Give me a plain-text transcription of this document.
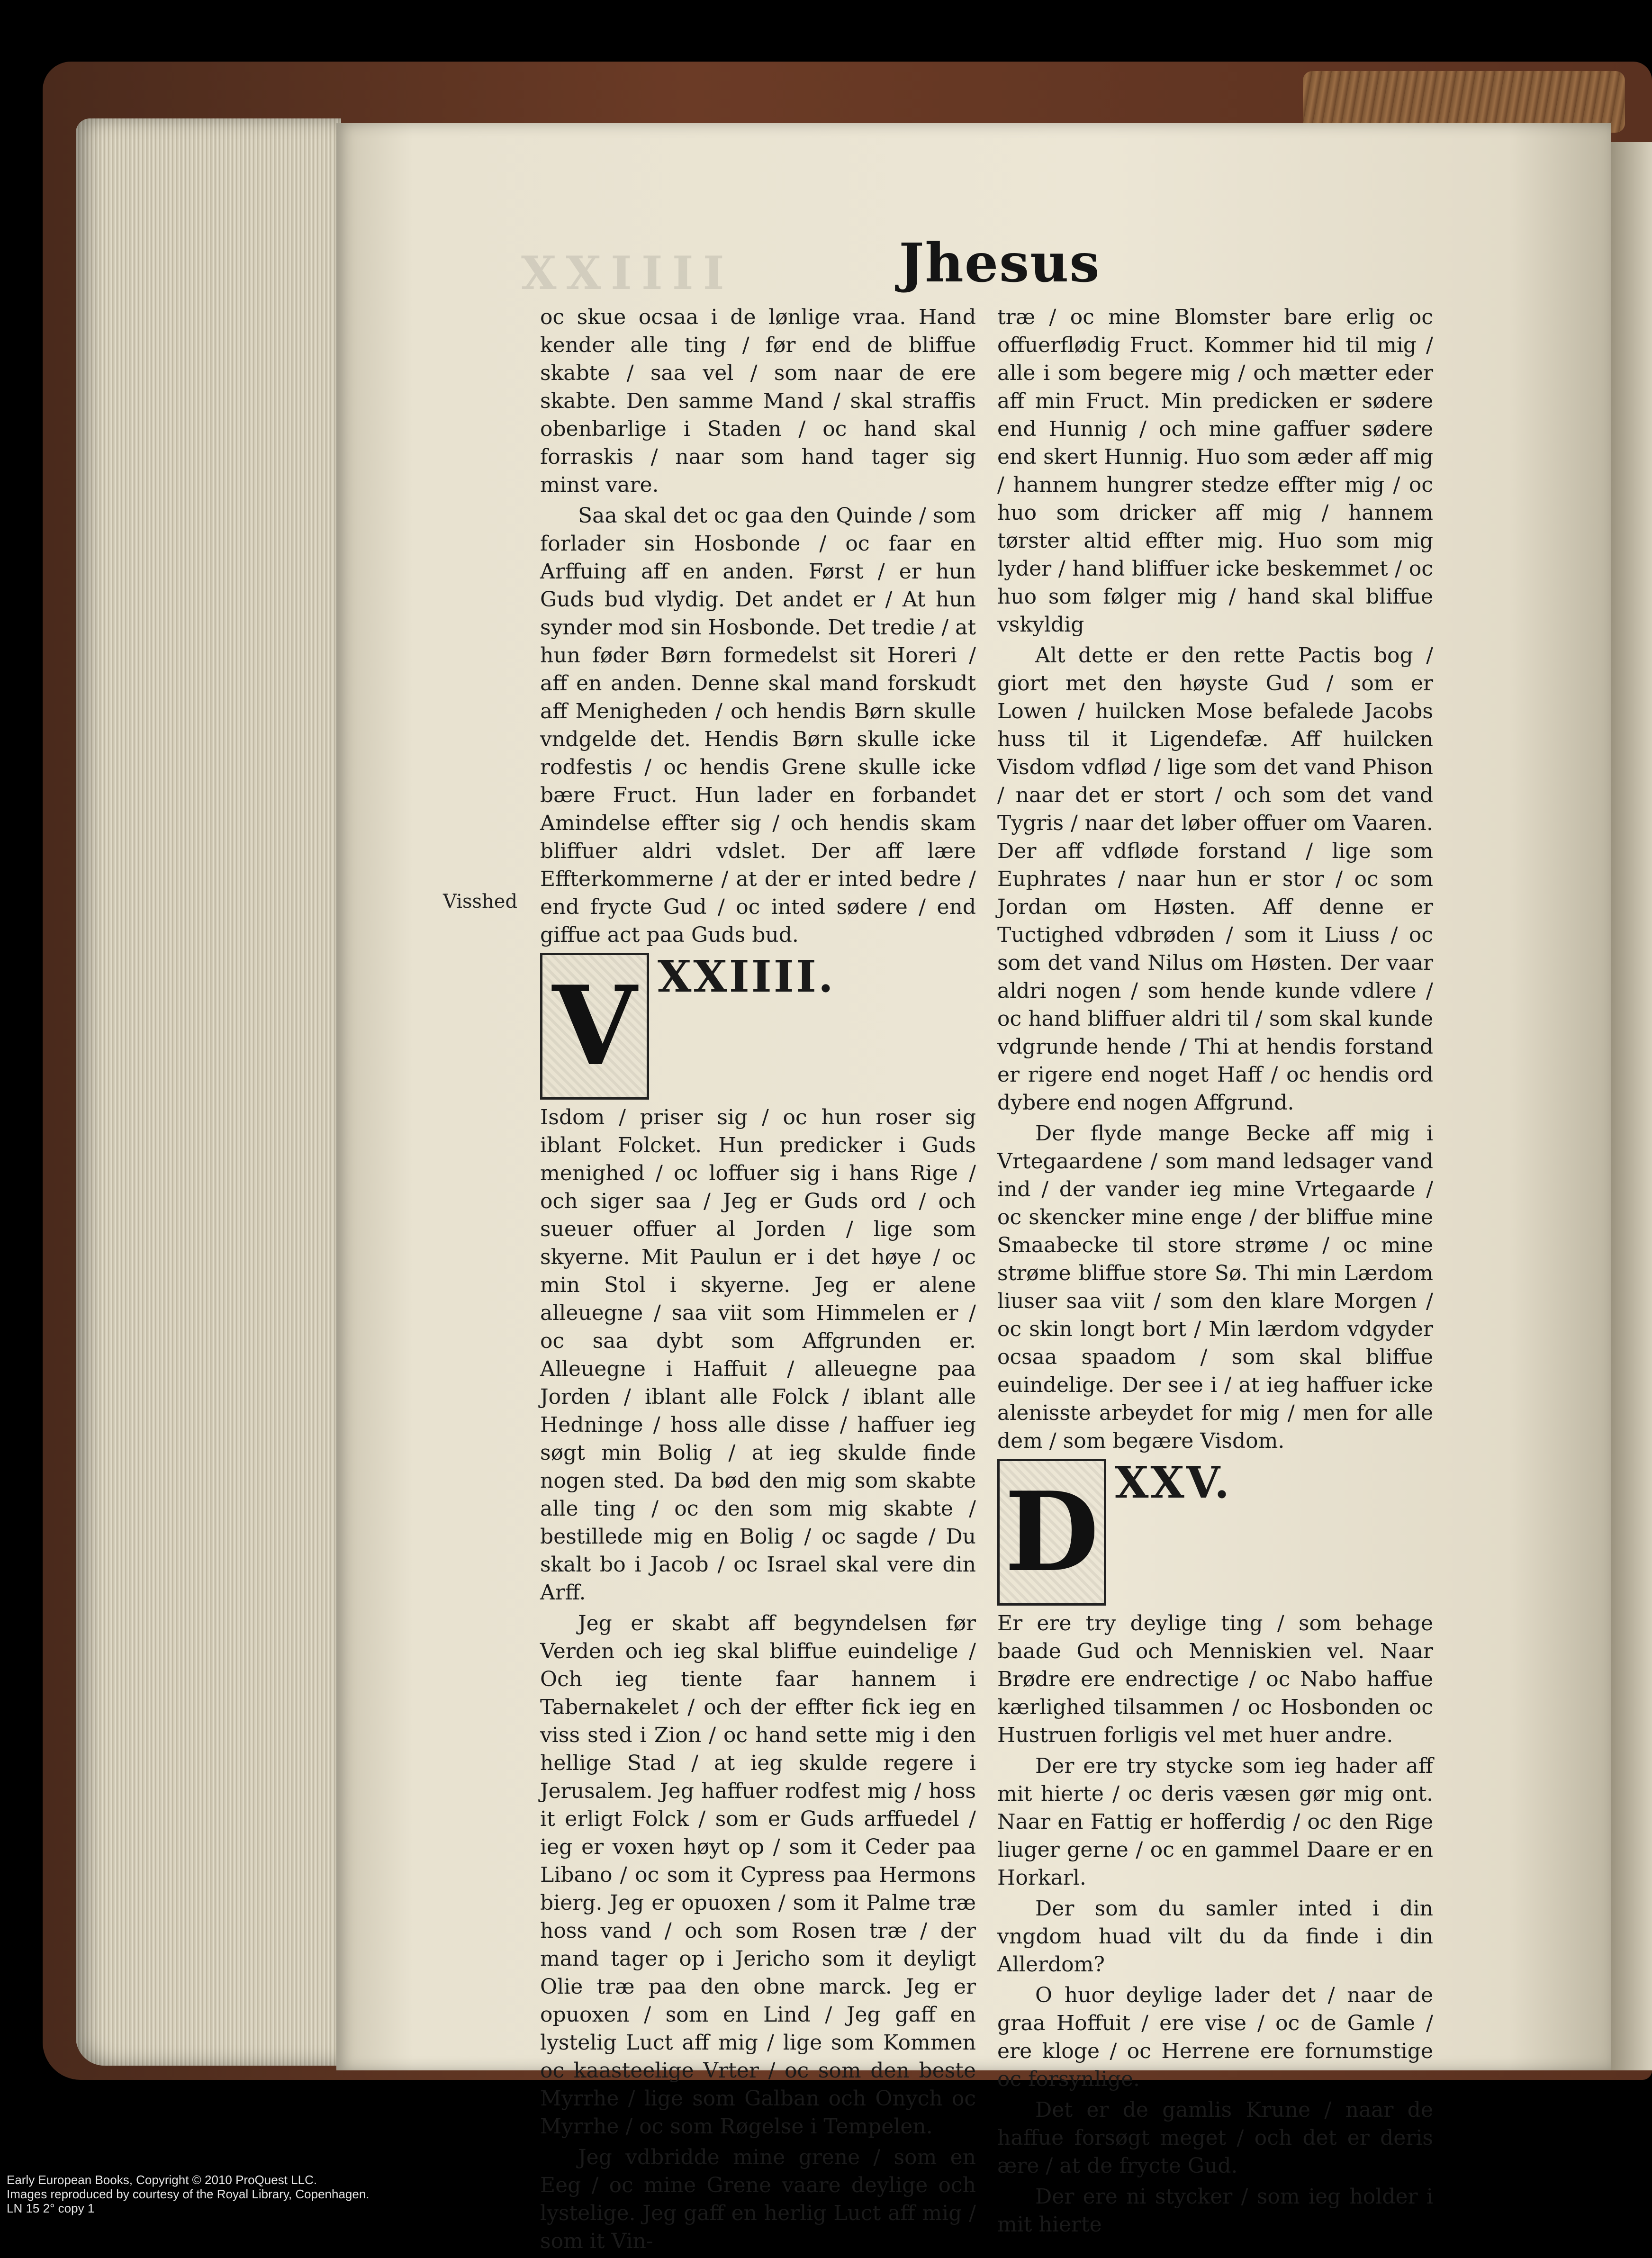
XXIIII	Jhesus
Visshed

oc skue ocsaa i de lønlige vraa. Hand kender alle ting / før end de bliffue skabte / saa vel / som naar de ere skabte. Den samme Mand / skal straffis obenbarlige i Staden / oc hand skal forraskis / naar som hand tager sig minst vare.

Saa skal det oc gaa den Quinde / som forlader sin Hosbonde / oc faar en Arffuing aff en anden. Først / er hun Guds bud vlydig. Det andet er / At hun synder mod sin Hosbonde. Det tredie / at hun føder Børn formedelst sit Horeri / aff en anden. Denne skal mand forskudt aff Menigheden / och hendis Børn skulle vndgelde det. Hendis Børn skulle icke rodfestis / oc hendis Grene skulle icke bære Fruct. Hun lader en forbandet Amindelse effter sig / och hendis skam bliffuer aldri vdslet. Der aff lære Effterkommerne / at der er inted bedre / end frycte Gud / oc inted sødere / end giffue act paa Guds bud.

V XXIIII.

Isdom / priser sig / oc hun roser sig iblant Folcket. Hun predicker i Guds menighed / oc loffuer sig i hans Rige / och siger saa / Jeg er Guds ord / och sueuer offuer al Jorden / lige som skyerne. Mit Paulun er i det høye / oc min Stol i skyerne. Jeg er alene alleuegne / saa viit som Himmelen er / oc saa dybt som Affgrunden er. Alleuegne i Haffuit / alleuegne paa Jorden / iblant alle Folck / iblant alle Hedninge / hoss alle disse / haffuer ieg søgt min Bolig / at ieg skulde finde nogen sted. Da bød den mig som skabte alle ting / oc den som mig skabte / bestillede mig en Bolig / oc sagde / Du skalt bo i Jacob / oc Israel skal vere din Arff.

Jeg er skabt aff begyndelsen før Verden och ieg skal bliffue euindelige / Och ieg tiente faar hannem i Tabernakelet / och der effter fick ieg en viss sted i Zion / oc hand sette mig i den hellige Stad / at ieg skulde regere i Jerusalem. Jeg haffuer rodfest mig / hoss it erligt Folck / som er Guds arffuedel / ieg er voxen høyt op / som it Ceder paa Libano / oc som it Cypress paa Hermons bierg. Jeg er opuoxen / som it Palme træ hoss vand / och som Rosen træ / der mand tager op i Jericho som it deyligt Olie træ paa den obne marck. Jeg er opuoxen / som en Lind / Jeg gaff en lystelig Luct aff mig / lige som Kommen oc kaasteelige Vrter / oc som den beste Myrrhe / lige som Galban och Onych oc Myrrhe / oc som Røgelse i Tempelen.

Jeg vdbridde mine grene / som en Eeg / oc mine Grene vaare deylige och lystelige. Jeg gaff en herlig Luct aff mig / som it Vin-

træ / oc mine Blomster bare erlig oc offuerflødig Fruct. Kommer hid til mig / alle i som begere mig / och mætter eder aff min Fruct. Min predicken er sødere end Hunnig / och mine gaffuer sødere end skert Hunnig. Huo som æder aff mig / hannem hungrer stedze effter mig / oc huo som dricker aff mig / hannem tørster altid effter mig. Huo som mig lyder / hand bliffuer icke beskemmet / oc huo som følger mig / hand skal bliffue vskyldig

Alt dette er den rette Pactis bog / giort met den høyste Gud / som er Lowen / huilcken Mose befalede Jacobs huss til it Ligendefæ. Aff huilcken Visdom vdflød / lige som det vand Phison / naar det er stort / och som det vand Tygris / naar det løber offuer om Vaaren. Der aff vdfløde forstand / lige som Euphrates / naar hun er stor / oc som Jordan om Høsten. Aff denne er Tuctighed vdbrøden / som it Liuss / oc som det vand Nilus om Høsten. Der vaar aldri nogen / som hende kunde vdlere / oc hand bliffuer aldri til / som skal kunde vdgrunde hende / Thi at hendis forstand er rigere end noget Haff / oc hendis ord dybere end nogen Affgrund.

Der flyde mange Becke aff mig i Vrtegaardene / som mand ledsager vand ind / der vander ieg mine Vrtegaarde / oc skencker mine enge / der bliffue mine Smaabecke til store strøme / oc mine strøme bliffue store Sø. Thi min Lærdom liuser saa viit / som den klare Morgen / oc skin longt bort / Min lærdom vdgyder ocsaa spaadom / som skal bliffue euindelige. Der see i / at ieg haffuer icke alenisste arbeydet for mig / men for alle dem / som begære Visdom.

D XXV.

Er ere try deylige ting / som behage baade Gud och Menniskien vel. Naar Brødre ere endrectige / oc Nabo haffue kærlighed tilsammen / oc Hosbonden oc Hustruen forligis vel met huer andre.

Der ere try stycke som ieg hader aff mit hierte / oc deris væsen gør mig ont. Naar en Fattig er hofferdig / oc den Rige liuger gerne / oc en gammel Daare er en Horkarl.

Der som du samler inted i din vngdom huad vilt du da finde i din Allerdom?

O huor deylige lader det / naar de graa Hoffuit / ere vise / oc de Gamle / ere kloge / oc Herrene ere fornumstige oc forsynlige.

Det er de gamlis Krune / naar de haffue forsøgt meget / och det er deris ære / at de frycte Gud.

Der ere ni stycker / som ieg holder i mit hierte

Early European Books, Copyright © 2010 ProQuest LLC.
Images reproduced by courtesy of the Royal Library, Copenhagen.
LN 15 2° copy 1
